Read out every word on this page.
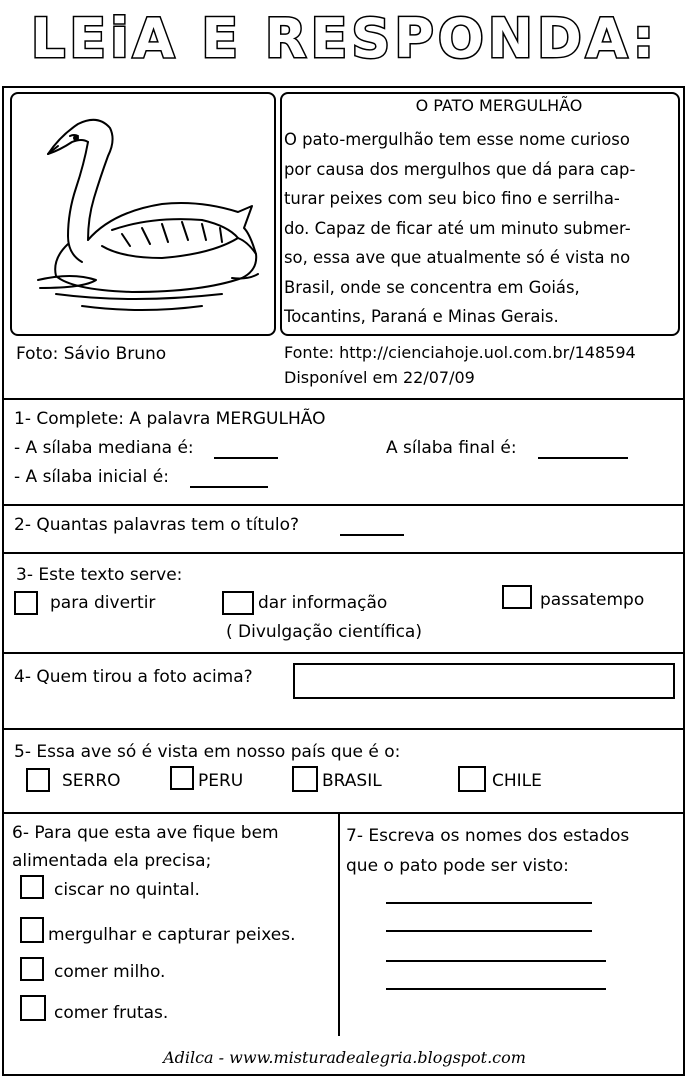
LEiA E RESPONDA:
O PATO MERGULHÃO
O pato-mergulhão tem esse nome curioso
por causa dos mergulhos que dá para cap-
turar peixes com seu bico fino e serrilha-
do. Capaz de ficar até um minuto submer-
so, essa ave que atualmente só é vista no
Brasil, onde se concentra em Goiás,
Tocantins, Paraná e Minas Gerais.
Foto: Sávio Bruno	Fonte: http://cienciahoje.uol.com.br/148594
Disponível em 22/07/09
1- Complete: A palavra MERGULHÃO
- A sílaba mediana é:	A sílaba final é:
- A sílaba inicial é:
2- Quantas palavras tem o título?
3- Este texto serve:
para divertir	dar informação
( Divulgação científica)
passatempo
4- Quem tirou a foto acima?
5- Essa ave só é vista em nosso país que é o:
SERRO	PERU	BRASIL	CHILE
6- Para que esta ave fique bem
alimentada ela precisa;
ciscar no quintal.
mergulhar e capturar peixes.
comer milho.
comer frutas.
7- Escreva os nomes dos estados
que o pato pode ser visto:
Adilca - www.misturadealegria.blogspot.com
